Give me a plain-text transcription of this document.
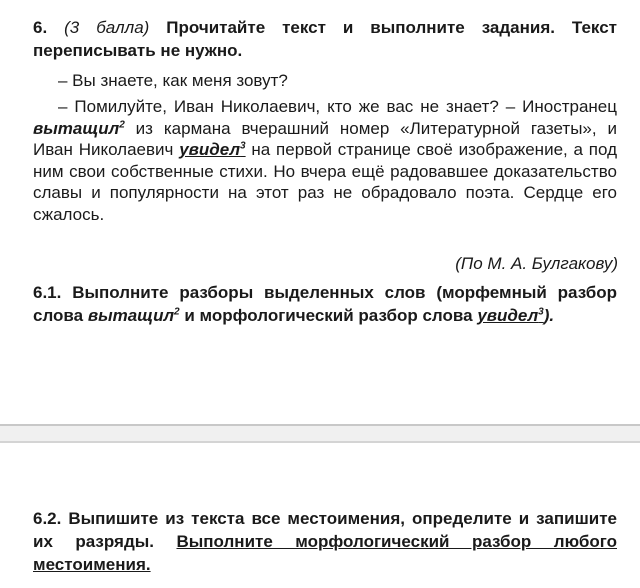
6. (3 балла) Прочитайте текст и выполните задания. Текст переписывать не нужно.
– Вы знаете, как меня зовут?
– Помилуйте, Иван Николаевич, кто же вас не знает? – Иностранец вытащил$^2$ из кармана вчерашний номер «Литературной газеты», и Иван Николаевич увидел$^3$ на первой странице своё изображение, а под ним свои собственные стихи. Но вчера ещё радовавшее доказательство славы и популярности на этот раз не обрадовало поэта. Сердце его сжалось.
(По М. А. Булгакову)
6.1. Выполните разборы выделенных слов (морфемный разбор слова вытащил$^2$ и морфологический разбор слова увидел$^3$).
6.2. Выпишите из текста все местоимения, определите и запишите их разряды. Выполните морфологический разбор любого местоимения.
